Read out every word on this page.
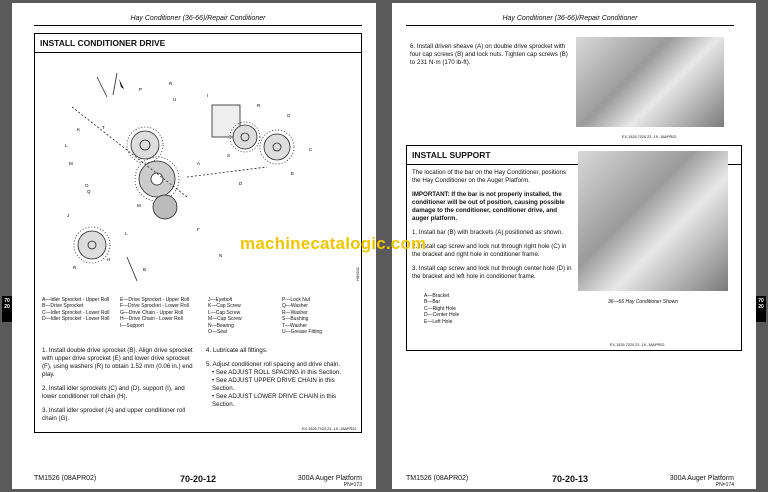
Hay Conditioner (36-66)/Repair Conditioner
INSTALL CONDITIONER DRIVE
P
R
U
T
K
L
M
O
J
Q
I
R
A
S
D
F
M
L
H
R	B
G
C
E
N
H86611
A—Idler Sprocket - Upper Roll
B—Drive Sprocket
C—Idler Sprocket - Lower Roll
D—Idler Sprocket - Lower Roll
E—Drive Sprocket - Upper Roll
F—Drive Sprocket - Lower Roll
G—Drive Chain - Upper Roll
H—Drive Chain - Lower Roll
I—Support
J—Eyebolt
K—Cap Screw
L—Cap Screw
M—Cap Screw
N—Bearing
O—Seal
P—Lock Nut
Q—Washer
R—Washer
S—Bushing
T—Washer
U—Grease Fitting

1. Install double drive sprocket (B). Align drive sprocket with upper drive sprocket (E) and lower drive sprocket (F), using washers (R) to obtain 1.52 mm (0.06 in.) end play.

2. Install idler sprockets (C) and (D), support (I), and lower conditioner roll chain (H).

3. Install idler sprocket (A) and upper conditioner roll chain (G).

4. Lubricate all fittings.

5. Adjust conditioner roll spacing and drive chain.

• See ADJUST ROLL SPACING in this Section.
• See ADJUST UPPER DRIVE CHAIN in this Section.
• See ADJUST LOWER DRIVE CHAIN in this Section.
EX,1526,7020,23 -19 -18APR02
TM1526 (08APR02)	70-20-12	300A Auger Platform
PN=173
70 20
Hay Conditioner (36-66)/Repair Conditioner

6. Install driven sheave (A) on double drive sprocket with four cap screws (B) and lock nuts. Tighten cap screws (B) to 231 N·m (170 lb-ft).

EX,1526,7020,23 -19 -18APR02
INSTALL SUPPORT

The location of the bar on the Hay Conditioner, positions the Hay Conditioner on the Auger Platform.

IMPORTANT: If the bar is not properly installed, the conditioner will be out of position, causing possible damage to the conditioner, conditioner drive, and auger platform.

1. Install bar (B) with brackets (A) positioned as shown.

2. Install cap screw and lock nut through right hole (C) in the bracket and right hole in conditioner frame.

3. Install cap screw and lock nut through center hole (D) in the bracket and left hole in conditioner frame.

A—Bracket
B—Bar
C—Right Hole
D—Center Hole
E—Left Hole
36—66 Hay Conditioner Shown
EX,1526,7020,23 -19 -18APR02
TM1526 (08APR02)	70-20-13	300A Auger Platform
PN=174
70 20
machinecatalogic.com
